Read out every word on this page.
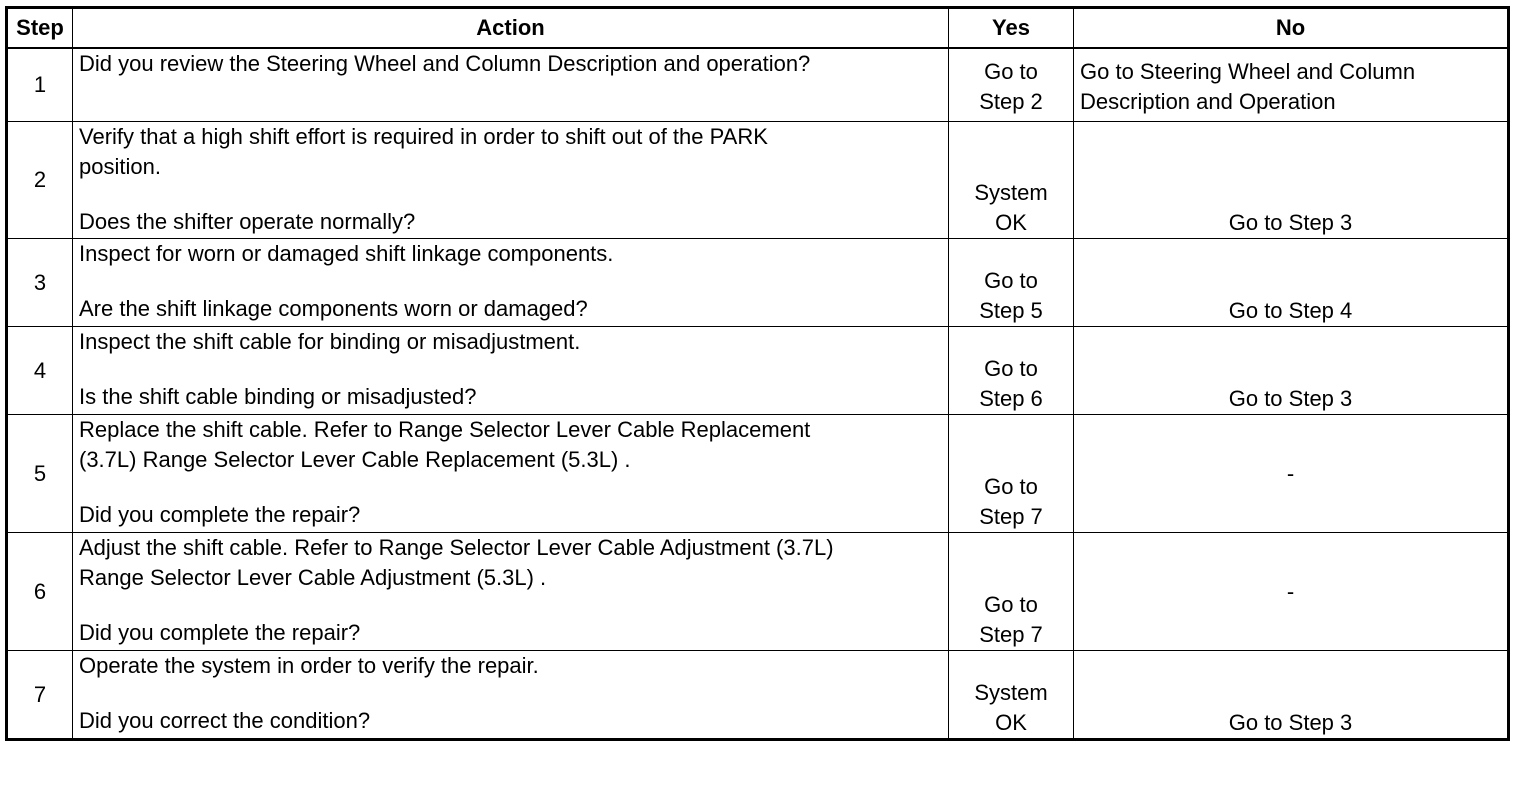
Step	Action	Yes	No
1	Did you review the Steering Wheel and Column Description and operation?	Go to
Step 2	Go to Steering Wheel and Column
Description and Operation

2	Verify that a high shift effort is required in order to shift out of the PARK
position.
Does the shifter operate normally?	System
OK	Go to Step 3

3	Inspect for worn or damaged shift linkage components.
Are the shift linkage components worn or damaged?	Go to
Step 5	Go to Step 4

4	Inspect the shift cable for binding or misadjustment.
Is the shift cable binding or misadjusted?	Go to
Step 6	Go to Step 3

5	Replace the shift cable. Refer to Range Selector Lever Cable Replacement
(3.7L) Range Selector Lever Cable Replacement (5.3L) .
Did you complete the repair?	Go to
Step 7	-

6	Adjust the shift cable. Refer to Range Selector Lever Cable Adjustment (3.7L)
Range Selector Lever Cable Adjustment (5.3L) .
Did you complete the repair?	Go to
Step 7	-

7	Operate the system in order to verify the repair.
Did you correct the condition?	System
OK	Go to Step 3
